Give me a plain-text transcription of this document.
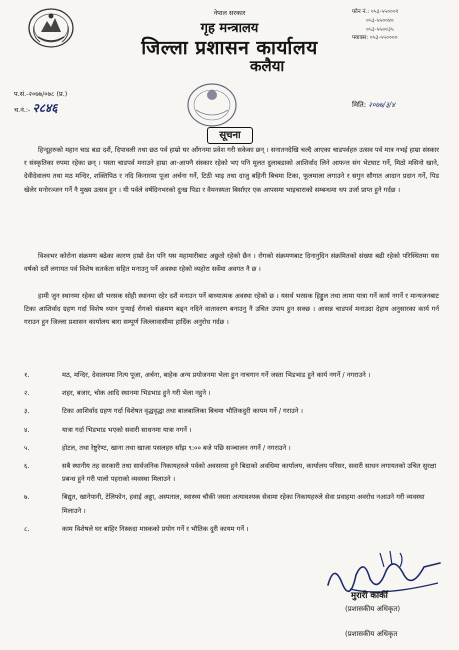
नेपाल सरकार
गृह मन्त्रालय
जिल्ला प्रशासन कार्यालय
कलैया
फोन नं.: ०५३-५५०००१
०५३-५५००४०
०५३-५५००३५
फ्याक्स: ०५३-५५००००
प.सं.-२०७७/०७८ (प्र.)
च.नं.:- २८४६	मिति: २०७७/३/४
सूचना

हिन्दूहरुको महान चाड बडा दशैं, दिपावली तथा छठ पर्व हाम्रो घर आँगनमा प्रवेश गरी सकेका छन् । सनातनदेखि चल्दै आएका चाडपर्वहरु उत्सव पर्व मात्र नभई हाम्रा संस्कार र संस्कृतिका रुपमा रहेका छन् । यस्ता चाडपर्व मनाउने हाम्रा आ-आफ्नै संस्कार रहेको भए पनि मूलत दुलाबडाको आशिर्वाद लिने आफन्त संग भेटघाट गर्ने, मिठो मसिनो खाने, देवीदेवालय तथा मठ मन्दिर, शक्तिपिठ र नदि किनारमा पूजा अर्चना गर्ने, टिठी भाइ तथा दाजु बहिनी बिचमा टिका, फूलमाला लगाउने र सगुन सौगात आदान प्रदान गर्ने, पिड खेलेर मनोरञ्जन गर्ने नै मुख्य उत्सव हुन । यी पर्वले वर्षदिनभरको दुःख पिडा र वैमनस्यता बिर्साएर एक आपसमा भाइचाराको सम्बन्धमा थप उर्जा प्राप्त हुने गर्दछ ।

विश्वभर कोरोना संक्रमण बढेका कारण हाम्रो देश पनि यस महामारीबाट अछुतो रहेको छैन । रोगको संक्रमणबाट दिनानुदिन संक्रमितको संख्या बढी रहेको परिस्थितमा यस वर्षको दशैं लगायत पर्व विशेष सतर्कता सहित मनाउनु पर्ने अवस्था रहेको व्यहोरा सर्वेमा अवगत नै छ ।

हामी जुन स्थानमा रहेका छौ भरसक सोही स्थानमा रहेर दशैं मनाउन पर्ने बाध्यात्मक अवस्था रहेको छ । यसर्थ भरसक हिड्डुल तथा लामा यात्रा गर्ने कार्य नगर्ने र मान्यजनबाट टिका आशिर्वाद ग्रहण गर्दा विशेष ध्यान पुऱ्याई रोगको संक्रमण बढ्न नदिने वातावरण बनाउनु नै उचित उपाय हुन सक्छ । आसन्न चाडपर्व मनाउदा देहाय अनुसारका कार्य गर्न गराउन हुन जिल्ला प्रशासन कार्यालय बारा सम्पूर्ण जिल्लावासीमा हार्दिक अनुरोध गर्दछ ।

१.	मठ, मन्दिर, देवालयमा नित्य पूजा, अर्चना, बाहेक अन्य प्रयोजनमा भेला हुन नाचगान गर्ने जस्ता भिडभाड हुने कार्य नगर्ने / नगराउने ।
२.	शहर, बजार, चोक आदि स्थानमा भिडभाड हुने गरी भेला नहुने ।
३.	टिका आशिर्वाद ग्रहण गर्दा विशेषत वृद्धवृद्धा तथा बालबालिका बिचमा भौतिकदुरी कायम गर्ने / गराउने ।
४.	यात्रा गर्दा भिडभाड भएको सवारी साधनमा यात्रा नगर्ने ।
५.	होटल, तथा रेष्टुरेण्ट, खाना तथा खाजा पसलहरु साँझ ९:०० बजे पछि सञ्चालन नगर्ने / नगराउने ।
६.	सबै स्थानीय तह सरकारी तथा सार्वजनिक निकायहरुले पर्वको अवसरमा हुने बिदाको अवधिमा कार्यालय, कार्यालय परिसर, सवारी साधन लगायतको उचित सुरक्षा प्रबन्ध हुने गरी पालो पहराको व्यवस्था मिलाउने ।
७.	बिद्युत, खानेपानी, टेलिफोन, हवाई अड्डा, अस्पताल, स्वास्थ्य चौकी जस्ता अत्यावश्यक सेवामा रहेका निकायहरुले सेवा प्रवाहमा अवरोध नआउने गरी व्यवस्था मिलाउने ।
८.	काम विशेषले घर बाहिर निस्कदा मास्कको प्रयोग गर्ने र भौतिक दुरी कायम गर्ने ।
मुरारी कार्की
(प्रशासकीय अधिकृत)
(प्रशासकीय अधिकृत
